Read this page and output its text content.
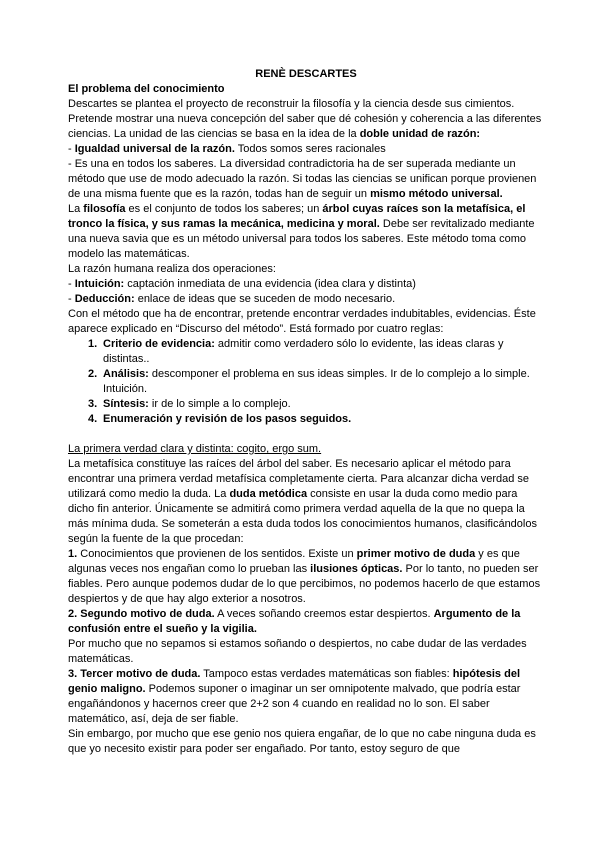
RENÈ DESCARTES
El problema del conocimiento
Descartes se plantea el proyecto de reconstruir la filosofía y la ciencia desde sus cimientos. Pretende mostrar una nueva concepción del saber que dé cohesión y coherencia a las diferentes ciencias. La unidad de las ciencias se basa en la idea de la doble unidad de razón:
- Igualdad universal de la razón. Todos somos seres racionales
- Es una en todos los saberes. La diversidad contradictoria ha de ser superada mediante un método que use de modo adecuado la razón. Si todas las ciencias se unifican porque provienen de una misma fuente que es la razón, todas han de seguir un mismo método universal.
La filosofía es el conjunto de todos los saberes; un árbol cuyas raíces son la metafísica, el tronco la física, y sus ramas la mecánica, medicina y moral. Debe ser revitalizado mediante una nueva savia que es un método universal para todos los saberes. Este método toma como modelo las matemáticas.
La razón humana realiza dos operaciones:
- Intuición: captación inmediata de una evidencia (idea clara y distinta)
- Deducción: enlace de ideas que se suceden de modo necesario.
Con el método que ha de encontrar, pretende encontrar verdades indubitables, evidencias. Éste aparece explicado en “Discurso del método”. Está formado por cuatro reglas:
1. Criterio de evidencia: admitir como verdadero sólo lo evidente, las ideas claras y distintas..
2. Análisis: descomponer el problema en sus ideas simples. Ir de lo complejo a lo simple. Intuición.
3. Síntesis: ir de lo simple a lo complejo.
4. Enumeración y revisión de los pasos seguidos.
La primera verdad clara y distinta: cogito, ergo sum.
La metafísica constituye las raíces del árbol del saber. Es necesario aplicar el método para encontrar una primera verdad metafísica completamente cierta. Para alcanzar dicha verdad se utilizará como medio la duda. La duda metódica consiste en usar la duda como medio para dicho fin anterior. Únicamente se admitirá como primera verdad aquella de la que no quepa la más mínima duda. Se someterán a esta duda todos los conocimientos humanos, clasificándolos según la fuente de la que procedan:
1. Conocimientos que provienen de los sentidos. Existe un primer motivo de duda y es que algunas veces nos engañan como lo prueban las ilusiones ópticas. Por lo tanto, no pueden ser fiables. Pero aunque podemos dudar de lo que percibimos, no podemos hacerlo de que estamos despiertos y de que hay algo exterior a nosotros.
2. Segundo motivo de duda. A veces soñando creemos estar despiertos. Argumento de la confusión entre el sueño y la vigilia.
Por mucho que no sepamos si estamos soñando o despiertos, no cabe dudar de las verdades matemáticas.
3. Tercer motivo de duda. Tampoco estas verdades matemáticas son fiables: hipótesis del genio maligno. Podemos suponer o imaginar un ser omnipotente malvado, que podría estar engañándonos y hacernos creer que 2+2 son 4 cuando en realidad no lo son. El saber matemático, así, deja de ser fiable.
Sin embargo, por mucho que ese genio nos quiera engañar, de lo que no cabe ninguna duda es que yo necesito existir para poder ser engañado. Por tanto, estoy seguro de que
